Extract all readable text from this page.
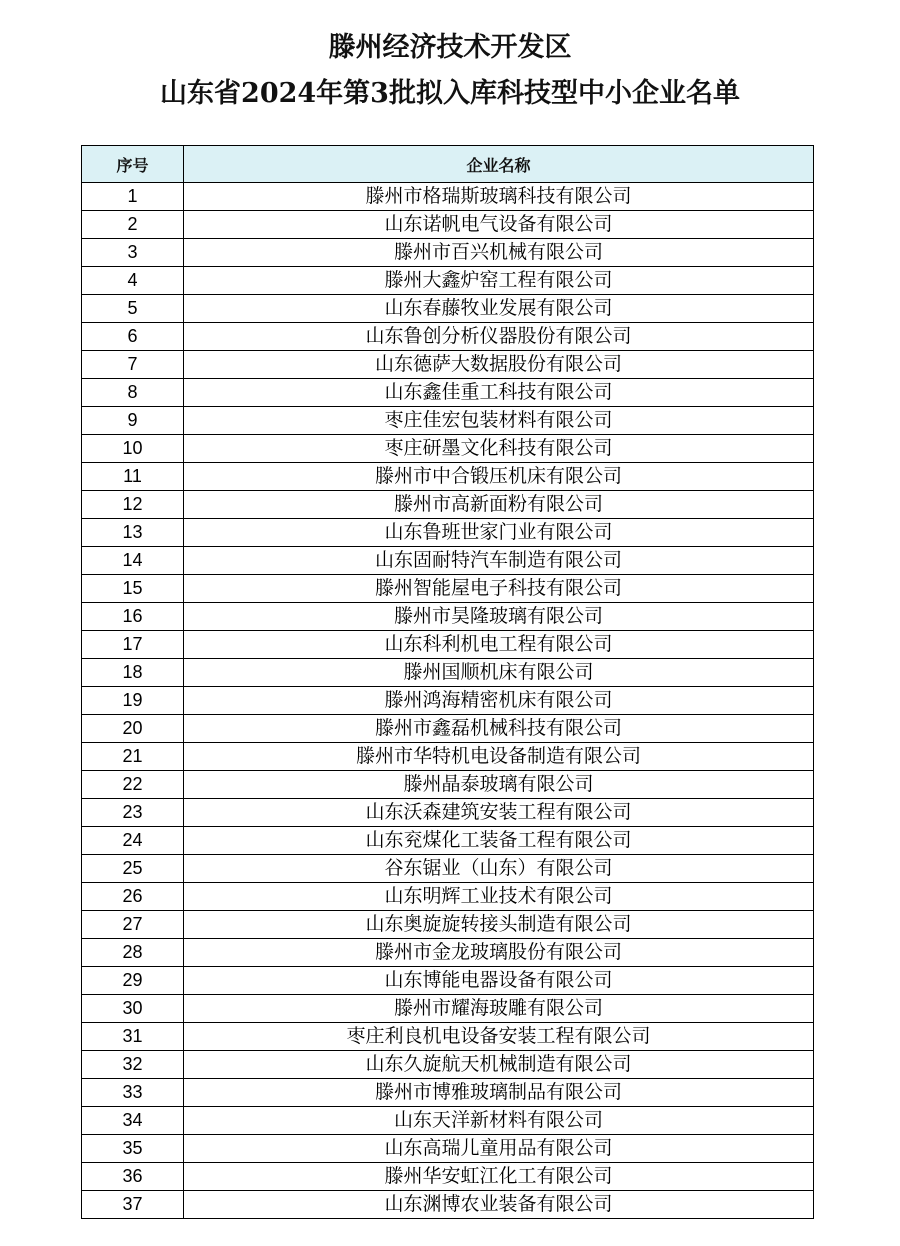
滕州经济技术开发区
山东省2024年第3批拟入库科技型中小企业名单
序号	企业名称
1	滕州市格瑞斯玻璃科技有限公司
2	山东诺帆电气设备有限公司
3	滕州市百兴机械有限公司
4	滕州大鑫炉窑工程有限公司
5	山东春藤牧业发展有限公司
6	山东鲁创分析仪器股份有限公司
7	山东德萨大数据股份有限公司
8	山东鑫佳重工科技有限公司
9	枣庄佳宏包装材料有限公司
10	枣庄研墨文化科技有限公司
11	滕州市中合锻压机床有限公司
12	滕州市高新面粉有限公司
13	山东鲁班世家门业有限公司
14	山东固耐特汽车制造有限公司
15	滕州智能屋电子科技有限公司
16	滕州市昊隆玻璃有限公司
17	山东科利机电工程有限公司
18	滕州国顺机床有限公司
19	滕州鸿海精密机床有限公司
20	滕州市鑫磊机械科技有限公司
21	滕州市华特机电设备制造有限公司
22	滕州晶泰玻璃有限公司
23	山东沃森建筑安装工程有限公司
24	山东兖煤化工装备工程有限公司
25	谷东锯业（山东）有限公司
26	山东明辉工业技术有限公司
27	山东奥旋旋转接头制造有限公司
28	滕州市金龙玻璃股份有限公司
29	山东博能电器设备有限公司
30	滕州市耀海玻雕有限公司
31	枣庄利良机电设备安装工程有限公司
32	山东久旋航天机械制造有限公司
33	滕州市博雅玻璃制品有限公司
34	山东天洋新材料有限公司
35	山东高瑞儿童用品有限公司
36	滕州华安虹江化工有限公司
37	山东渊博农业装备有限公司
